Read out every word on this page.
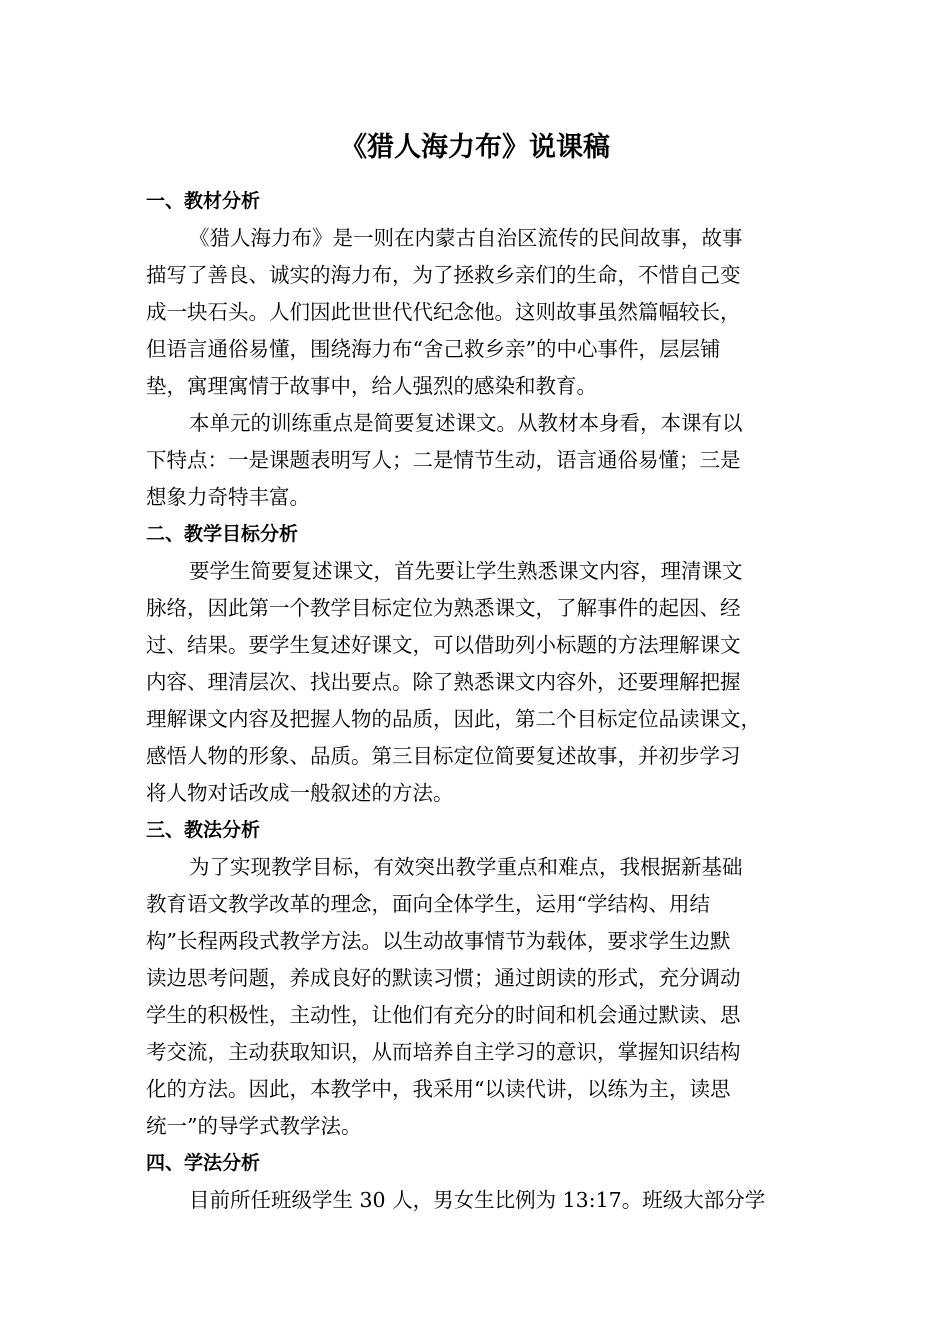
《猎人海力布》说课稿
一、教材分析
《猎人海力布》是一则在内蒙古自治区流传的民间故事，故事
描写了善良、诚实的海力布，为了拯救乡亲们的生命，不惜自己变
成一块石头。人们因此世世代代纪念他。这则故事虽然篇幅较长，
但语言通俗易懂，围绕海力布“舍己救乡亲”的中心事件，层层铺
垫，寓理寓情于故事中，给人强烈的感染和教育。
本单元的训练重点是简要复述课文。从教材本身看，本课有以
下特点：一是课题表明写人；二是情节生动，语言通俗易懂；三是
想象力奇特丰富。
二、教学目标分析
要学生简要复述课文，首先要让学生熟悉课文内容，理清课文
脉络，因此第一个教学目标定位为熟悉课文，了解事件的起因、经
过、结果。要学生复述好课文，可以借助列小标题的方法理解课文
内容、理清层次、找出要点。除了熟悉课文内容外，还要理解把握
理解课文内容及把握人物的品质，因此，第二个目标定位品读课文，
感悟人物的形象、品质。第三目标定位简要复述故事，并初步学习
将人物对话改成一般叙述的方法。
三、教法分析
为了实现教学目标，有效突出教学重点和难点，我根据新基础
教育语文教学改革的理念，面向全体学生，运用“学结构、用结
构”长程两段式教学方法。以生动故事情节为载体，要求学生边默
读边思考问题，养成良好的默读习惯；通过朗读的形式，充分调动
学生的积极性，主动性，让他们有充分的时间和机会通过默读、思
考交流，主动获取知识，从而培养自主学习的意识，掌握知识结构
化的方法。因此，本教学中，我采用“以读代讲，以练为主，读思
统一”的导学式教学法。
四、学法分析
目前所任班级学生 30 人，男女生比例为 13:17。班级大部分学
